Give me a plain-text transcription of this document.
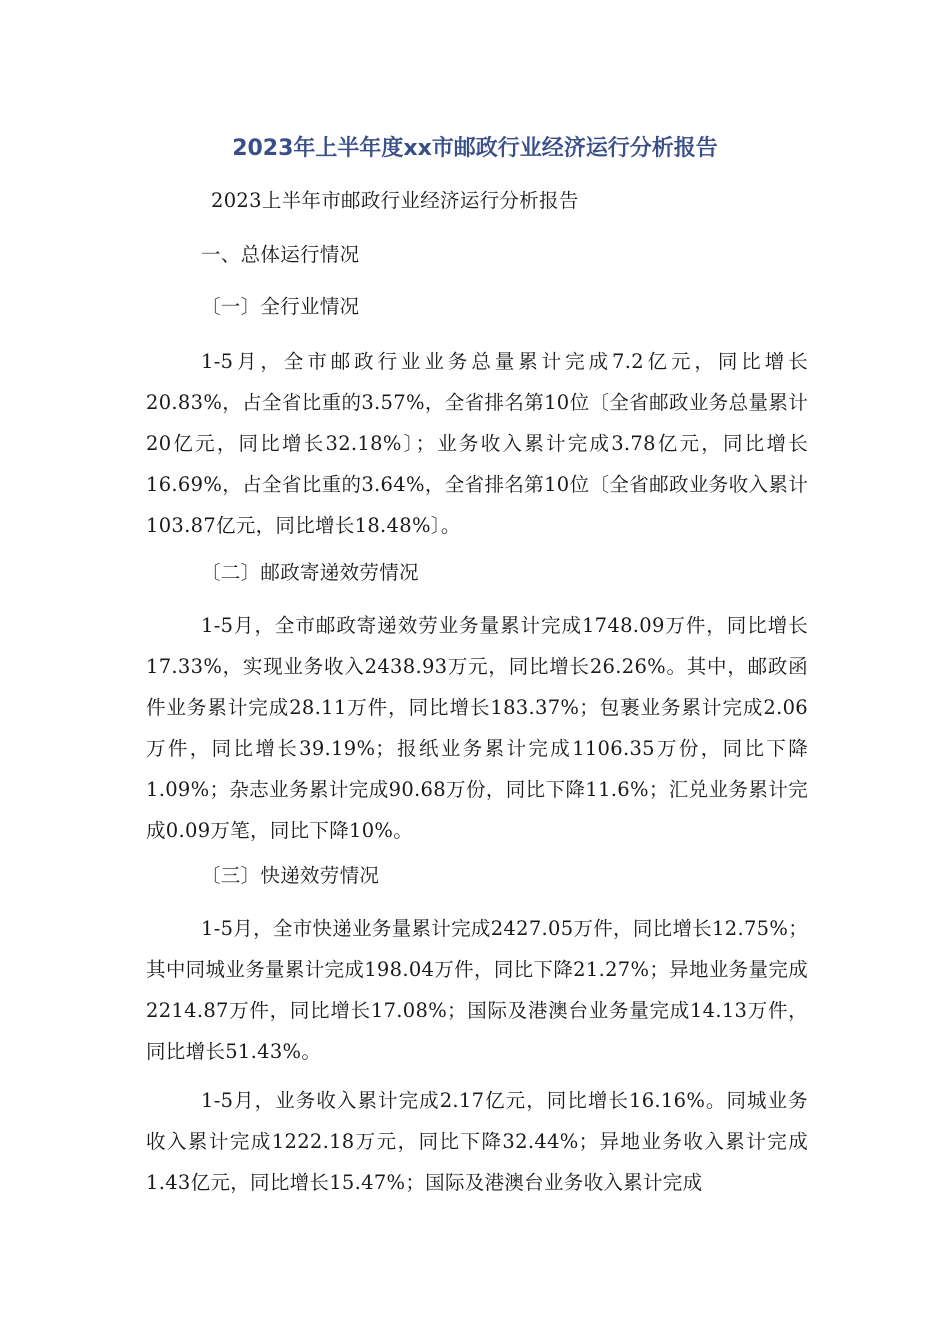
2023年上半年度xx市邮政行业经济运行分析报告
2023上半年市邮政行业经济运行分析报告
一、总体运行情况
〔一〕全行业情况
1-5月，全市邮政行业业务总量累计完成7.2亿元，同比增长20.83%，占全省比重的3.57%，全省排名第10位〔全省邮政业务总量累计20亿元，同比增长32.18%〕；业务收入累计完成3.78亿元，同比增长16.69%，占全省比重的3.64%，全省排名第10位〔全省邮政业务收入累计103.87亿元，同比增长18.48%〕。
〔二〕邮政寄递效劳情况
1-5月，全市邮政寄递效劳业务量累计完成1748.09万件，同比增长17.33%，实现业务收入2438.93万元，同比增长26.26%。其中，邮政函件业务累计完成28.11万件，同比增长183.37%；包裹业务累计完成2.06万件，同比增长39.19%；报纸业务累计完成1106.35万份，同比下降1.09%；杂志业务累计完成90.68万份，同比下降11.6%；汇兑业务累计完成0.09万笔，同比下降10%。
〔三〕快递效劳情况
1-5月，全市快递业务量累计完成2427.05万件，同比增长12.75%；其中同城业务量累计完成198.04万件，同比下降21.27%；异地业务量完成2214.87万件，同比增长17.08%；国际及港澳台业务量完成14.13万件，同比增长51.43%。
1-5月，业务收入累计完成2.17亿元，同比增长16.16%。同城业务收入累计完成1222.18万元，同比下降32.44%；异地业务收入累计完成1.43亿元，同比增长15.47%；国际及港澳台业务收入累计完成
